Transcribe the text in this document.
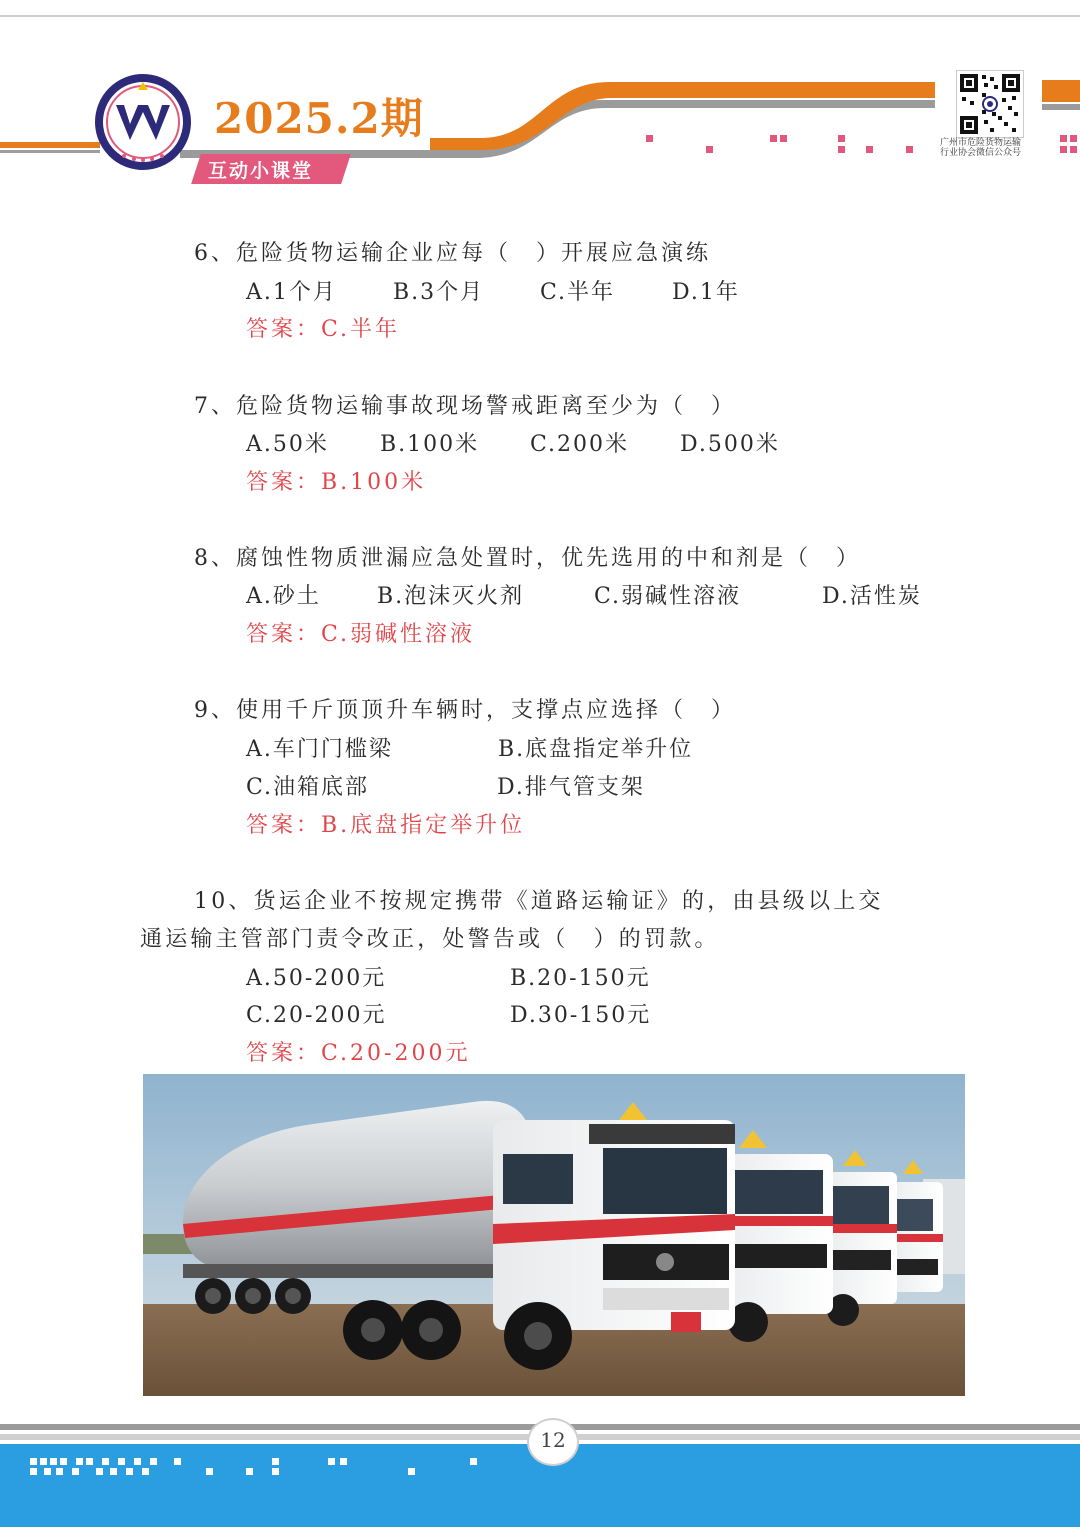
2025.2期
互动小课堂
广州市危险货物运输
行业协会微信公众号
6、危险货物运输企业应每（　）开展应急演练
A.1个月	B.3个月	C.半年	D.1年
答案：C.半年
7、危险货物运输事故现场警戒距离至少为（　）
A.50米 B.100米 C.200米 D.500米
答案：B.100米
8、腐蚀性物质泄漏应急处置时，优先选用的中和剂是（　）
A.砂土	B.泡沫灭火剂	C.弱碱性溶液	D.活性炭
答案：C.弱碱性溶液
9、使用千斤顶顶升车辆时，支撑点应选择（　）
A.车门门槛梁	B.底盘指定举升位
C.油箱底部	D.排气管支架
答案：B.底盘指定举升位
10、货运企业不按规定携带《道路运输证》的，由县级以上交
通运输主管部门责令改正，处警告或（　）的罚款。
A.50-200元	B.20-150元
C.20-200元	D.30-150元
答案：C.20-200元
12
